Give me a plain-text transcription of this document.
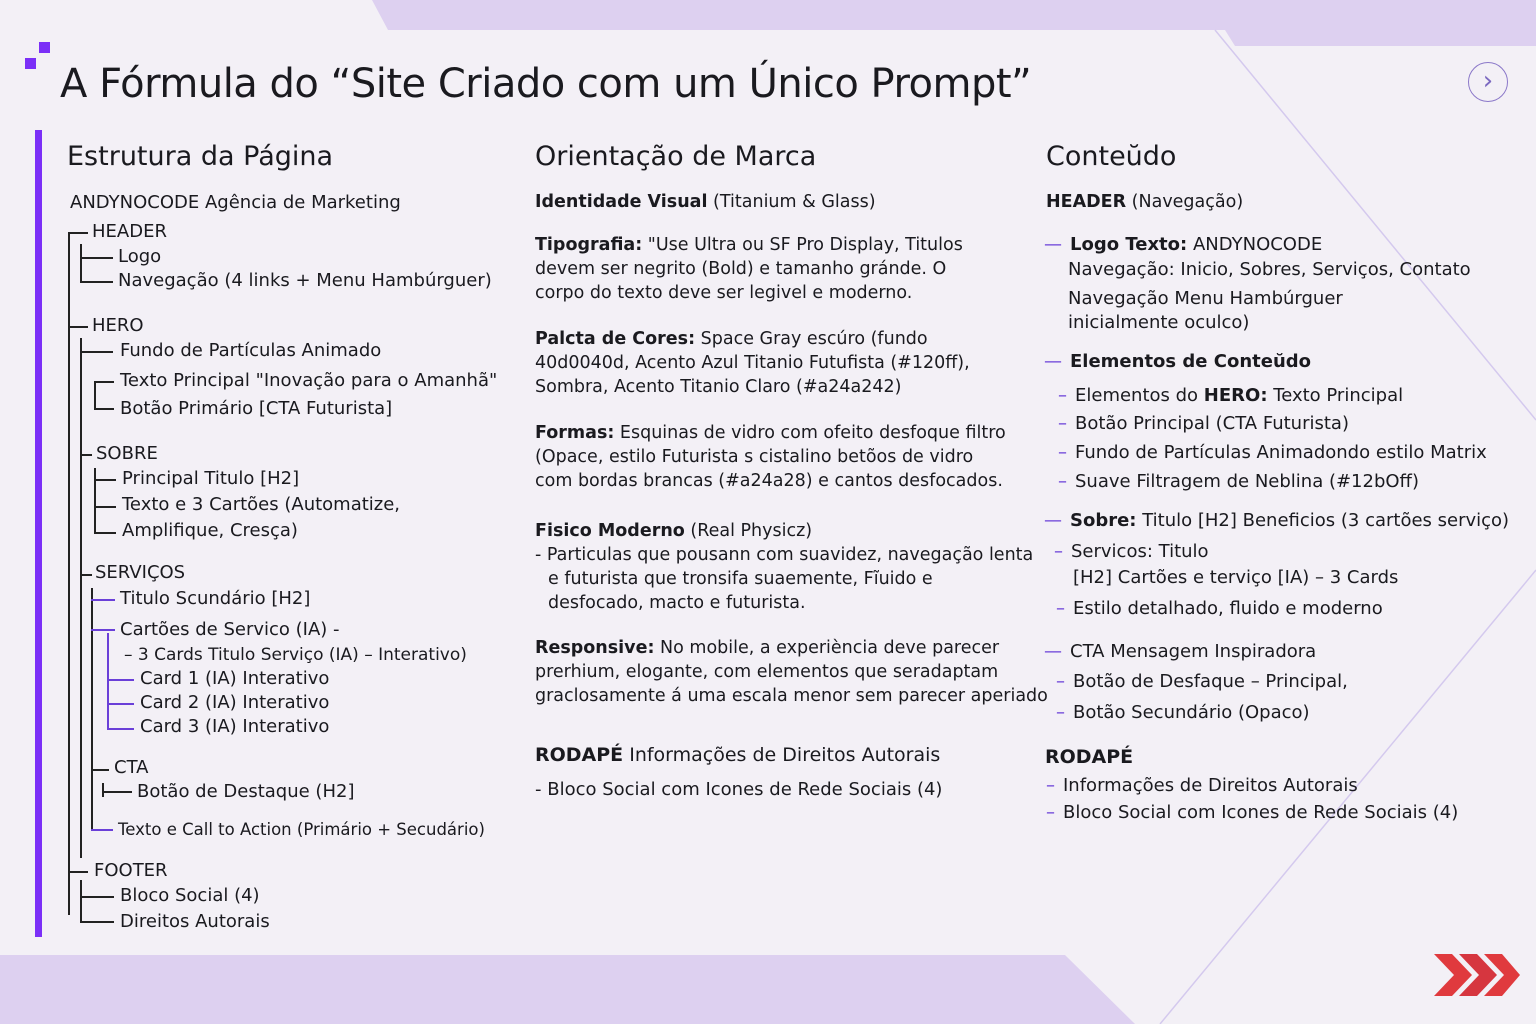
A Fórmula do “Site Criado com um Único Prompt”	›
Estrutura da Página
ANDYNOCODE Agência de Marketing
HEADER
Logo
Navegação (4 links + Menu Hambúrguer)
HERO
Fundo de Partículas Animado
Texto Principal "Inovação para o Amanhã"
Botão Primário [CTA Futurista]
SOBRE
Principal Titulo [H2]
Texto e 3 Cartões (Automatize,
Amplifique, Cresça)
SERVIÇOS
Titulo Scundário [H2]
Cartões de Servico (IA) -
– 3 Cards Titulo Serviço (IA) – Interativo)
Card 1 (IA) Interativo
Card 2 (IA) Interativo
Card 3 (IA) Interativo
CTA
Botão de Destaque (H2]
Texto e Call to Action (Primário + Secudário)
FOOTER
Bloco Social (4)
Direitos Autorais
Orientação de Marca
Identidade Visual (Titanium & Glass)
Tipografia: "Use Ultra ou SF Pro Display, Titulos
devem ser negrito (Bold) e tamanho gránde. O
corpo do texto deve ser legivel e moderno.
Palcta de Cores: Space Gray escúro (fundo
40d0040d, Acento Azul Titanio Futufista (#120ff),
Sombra, Acento Titanio Claro (#a24a242)
Formas: Esquinas de vidro com ofeito desfoque filtro
(Opace, estilo Futurista s cistalino betõos de vidro
com bordas brancas (#a24a28) e cantos desfocados.
Fisico Moderno (Real Physicz)
- Particulas que pousann com suavidez, navegação lenta
e futurista que tronsifa suaemente, Fĩuido e
desfocado, macto e futurista.
Responsive: No mobile, a experiència deve parecer
prerhium, elogante, com elementos que seradaptam
graclosamente á uma escala menor sem parecer aperiado
RODAPÉ Informações de Direitos Autorais
- Bloco Social com Icones de Rede Sociais (4)
Conteŭdo
HEADER (Navegação)
— Logo Texto: ANDYNOCODE
Navegação: Inicio, Sobres, Serviços, Contato
Navegação Menu Hambúrguer
inicialmente oculco)
— Elementos de Conteŭdo
– Elementos do HERO: Texto Principal
– Botão Principal (CTA Futurista)
– Fundo de Partículas Animadondo estilo Matrix
– Suave Filtragem de Neblina (#12bOff)
— Sobre: Titulo [H2] Beneficios (3 cartões serviço)
– Servicos: Titulo
[H2] Cartões e terviço [IA) – 3 Cards
– Estilo detalhado, fluido e moderno
— CTA Mensagem Inspiradora
– Botão de Desfaque – Principal,
– Botão Secundário (Opaco)
RODAPÉ
– Informações de Direitos Autorais
– Bloco Social com Icones de Rede Sociais (4)
